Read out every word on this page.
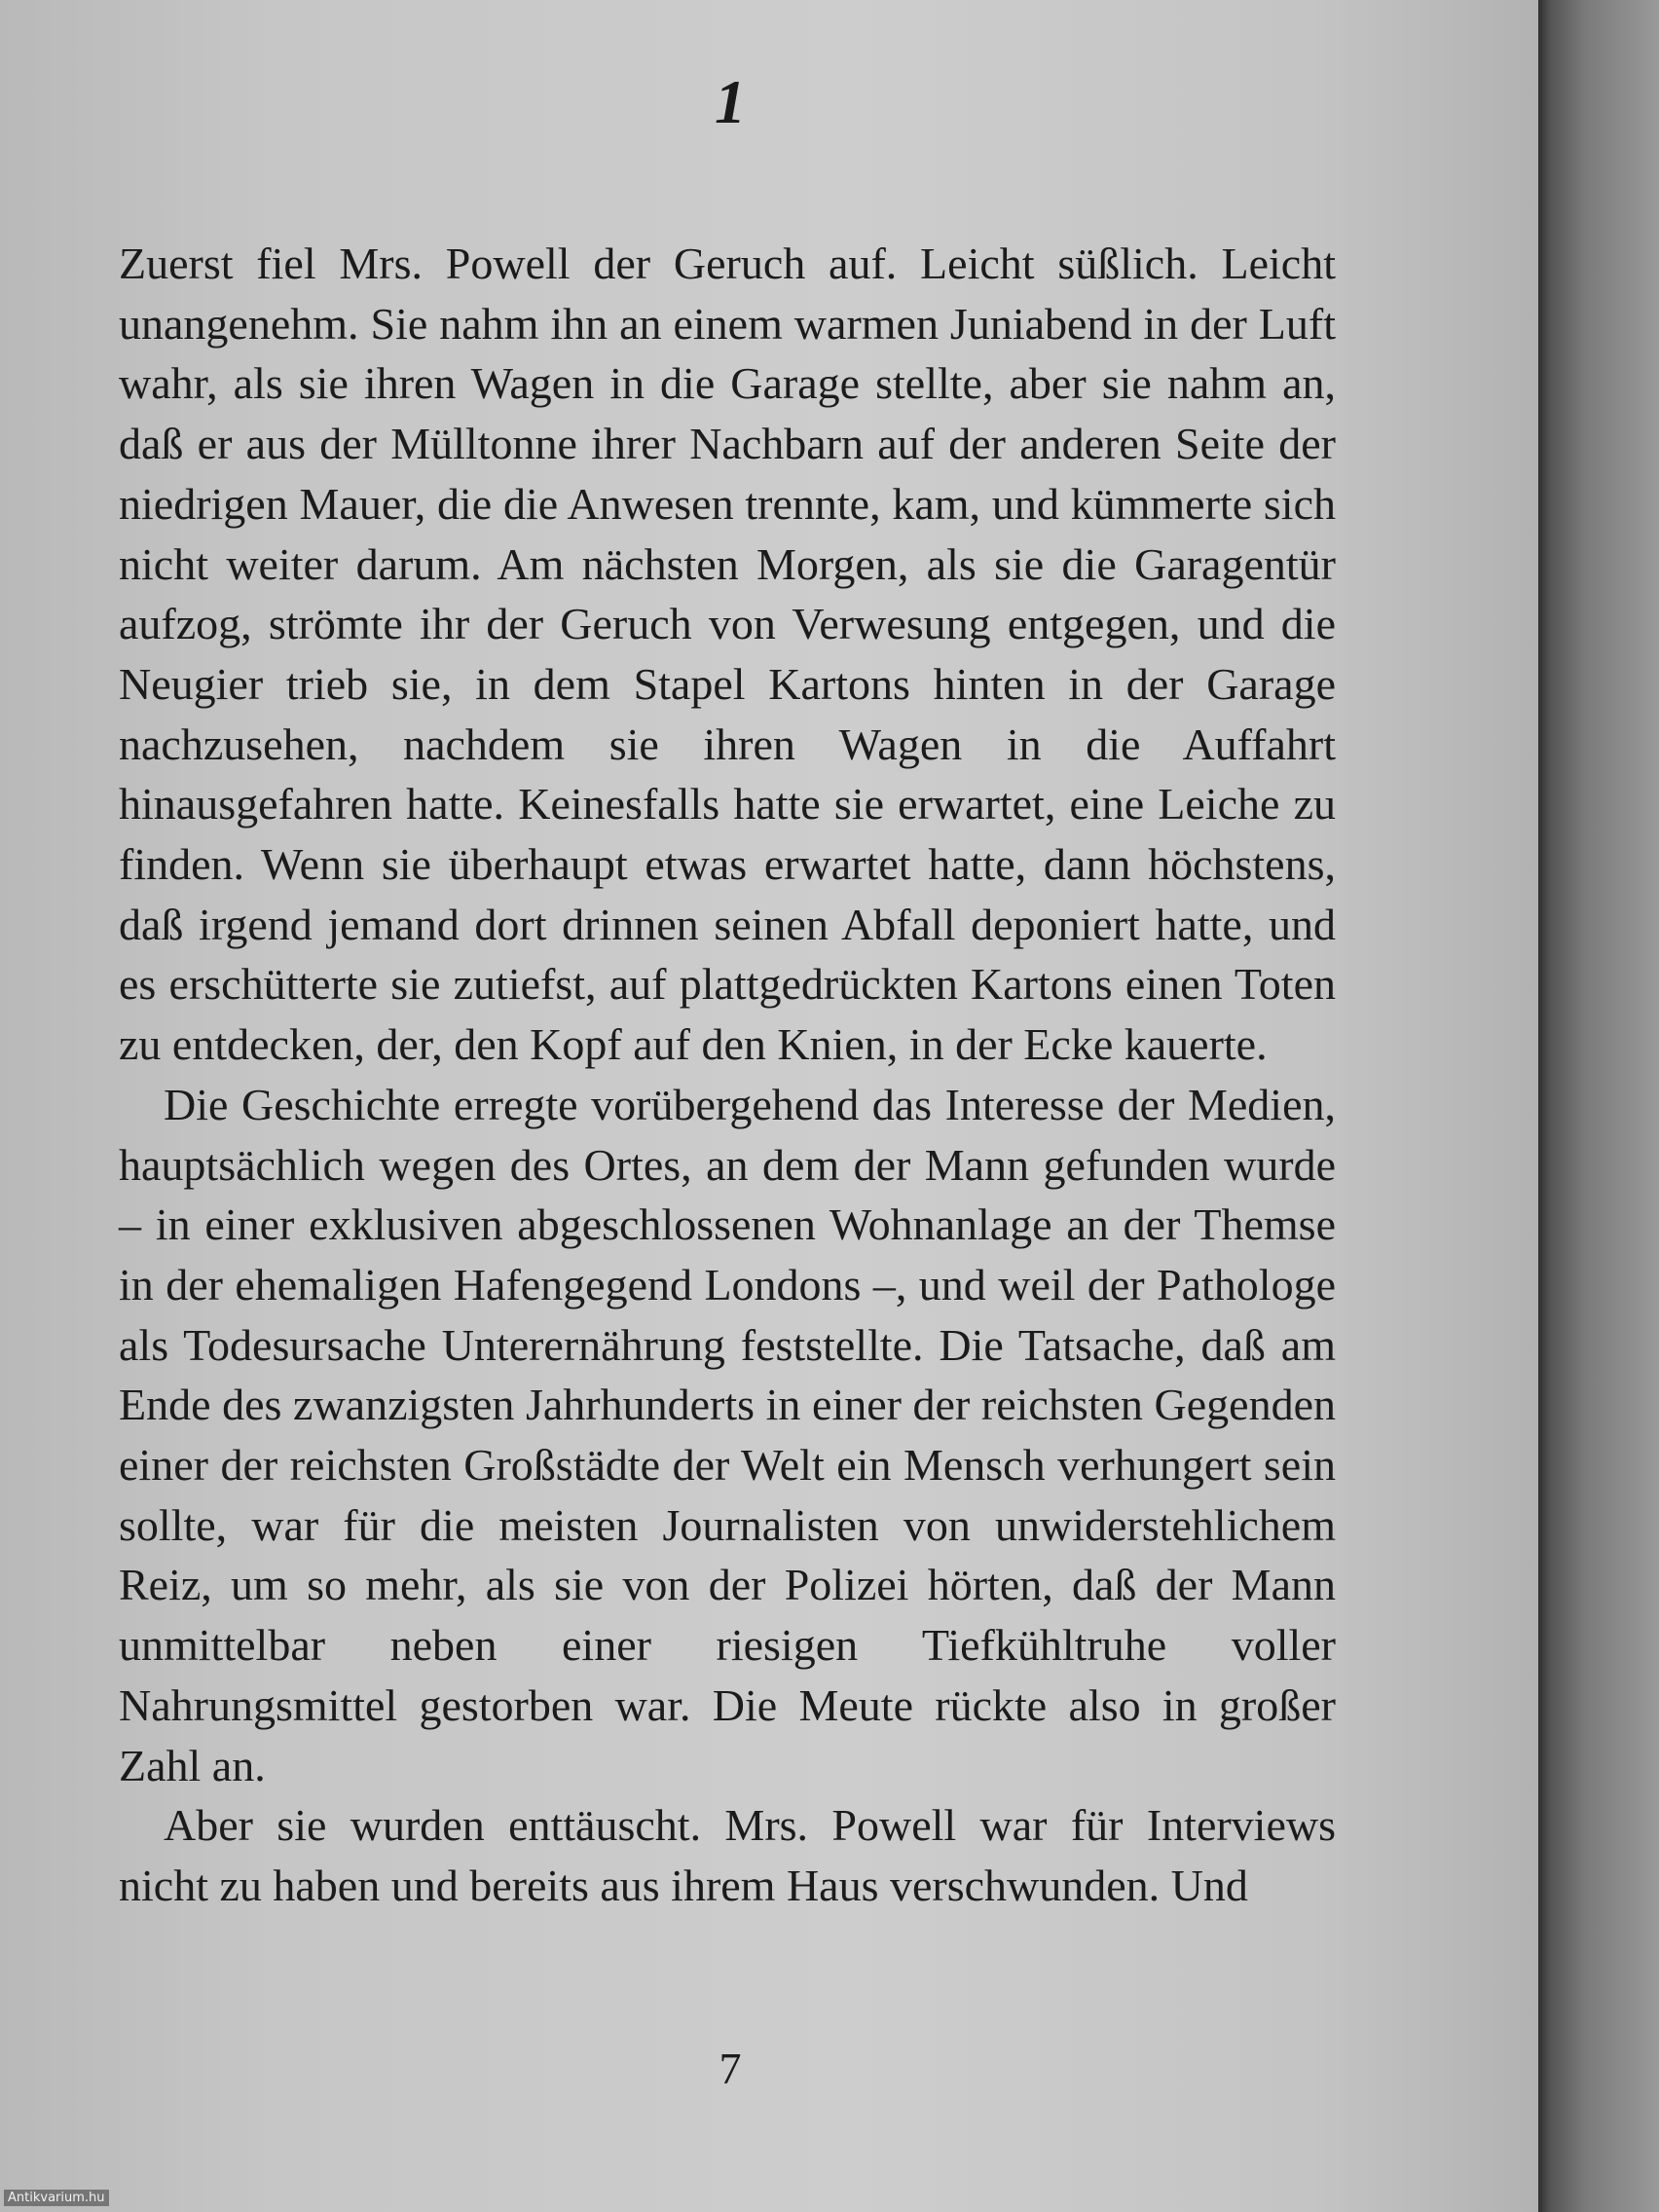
1

Zuerst fiel Mrs. Powell der Geruch auf. Leicht süßlich. Leicht unangenehm. Sie nahm ihn an einem warmen Juniabend in der Luft wahr, als sie ihren Wagen in die Garage stellte, aber sie nahm an, daß er aus der Mülltonne ihrer Nachbarn auf der anderen Seite der niedrigen Mauer, die die Anwesen trennte, kam, und kümmerte sich nicht weiter darum. Am nächsten Morgen, als sie die Garagentür aufzog, strömte ihr der Geruch von Verwesung entgegen, und die Neugier trieb sie, in dem Stapel Kartons hinten in der Garage nachzusehen, nachdem sie ihren Wagen in die Auffahrt hinausgefahren hatte. Keinesfalls hatte sie erwartet, eine Leiche zu finden. Wenn sie überhaupt etwas erwartet hatte, dann höchstens, daß irgend jemand dort drinnen seinen Abfall deponiert hatte, und es erschütterte sie zutiefst, auf plattgedrückten Kartons einen Toten zu entdecken, der, den Kopf auf den Knien, in der Ecke kauerte.

Die Geschichte erregte vorübergehend das Interesse der Medien, hauptsächlich wegen des Ortes, an dem der Mann gefunden wurde – in einer exklusiven abgeschlossenen Wohnanlage an der Themse in der ehemaligen Hafengegend Londons –, und weil der Pathologe als Todesursache Unterernährung feststellte. Die Tatsache, daß am Ende des zwanzigsten Jahrhunderts in einer der reichsten Gegenden einer der reichsten Großstädte der Welt ein Mensch verhungert sein sollte, war für die meisten Journalisten von unwiderstehlichem Reiz, um so mehr, als sie von der Polizei hörten, daß der Mann unmittelbar neben einer riesigen Tiefkühltruhe voller Nahrungsmittel gestorben war. Die Meute rückte also in großer Zahl an.

Aber sie wurden enttäuscht. Mrs. Powell war für Interviews nicht zu haben und bereits aus ihrem Haus verschwunden. Und

7
Antikvarium.hu
